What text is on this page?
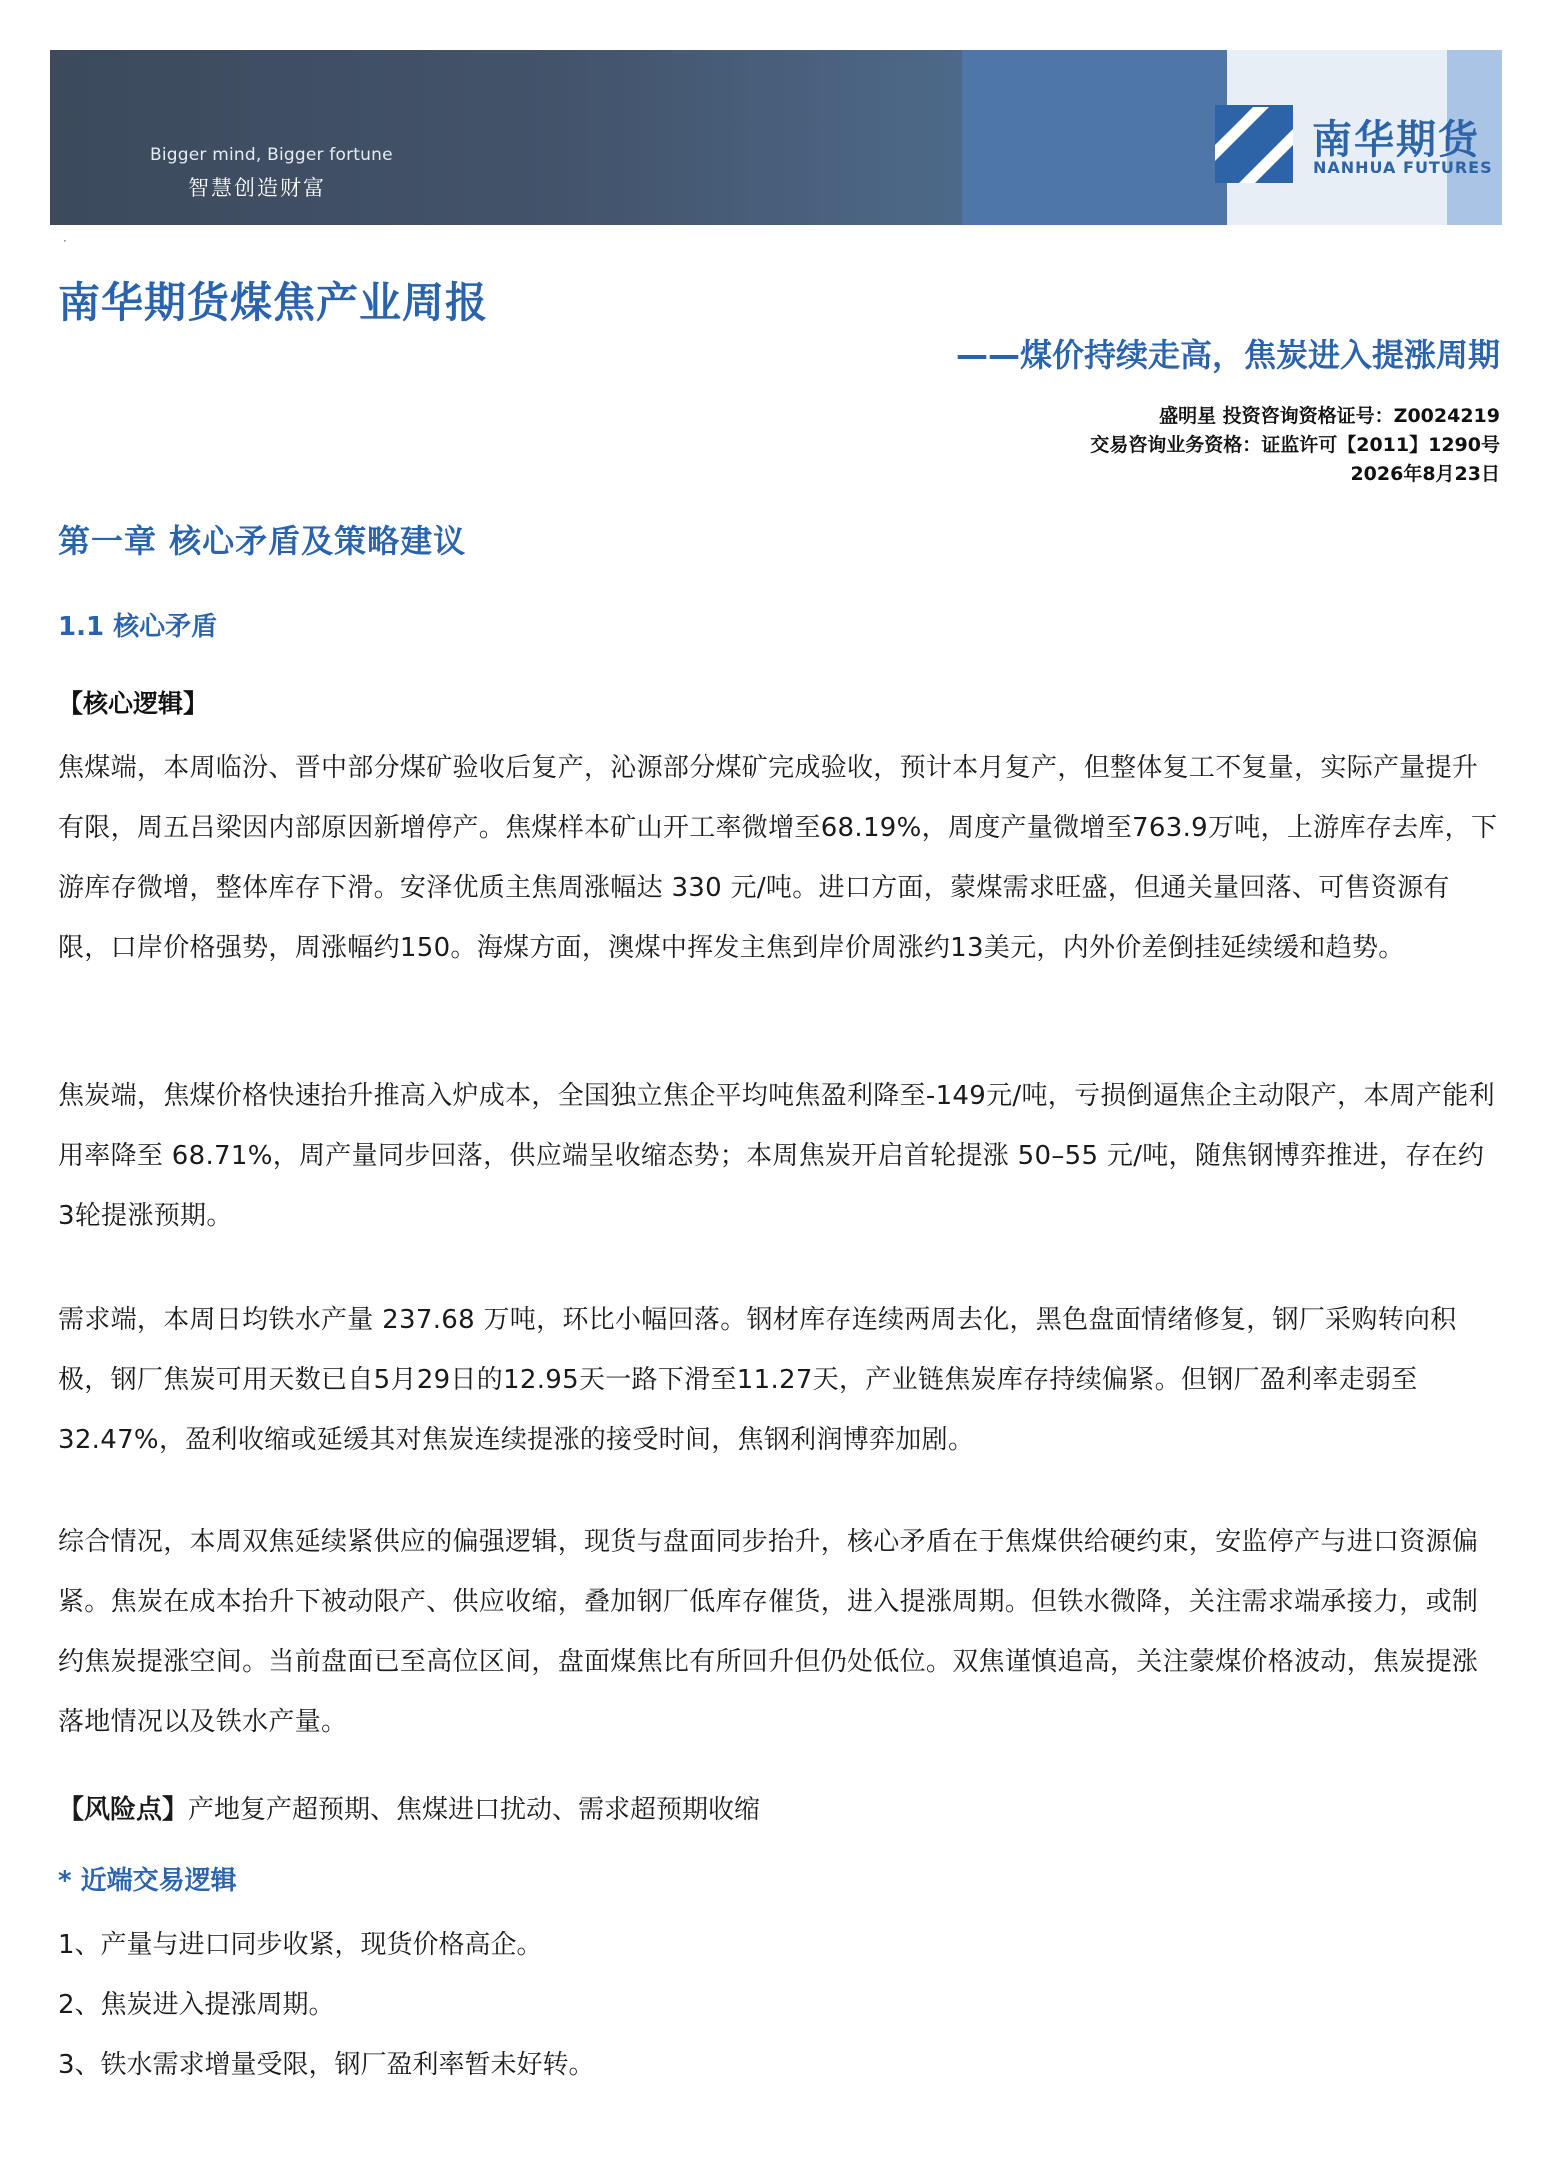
Bigger mind, Bigger fortune
智慧创造财富
南华期货
NANHUA FUTURES
·
南华期货煤焦产业周报
——煤价持续走高，焦炭进入提涨周期
盛明星 投资咨询资格证号：Z0024219
交易咨询业务资格：证监许可【2011】1290号
2026年8月23日
第一章 核心矛盾及策略建议
1.1 核心矛盾
【核心逻辑】
焦煤端，本周临汾、晋中部分煤矿验收后复产，沁源部分煤矿完成验收，预计本月复产，但整体复工不复量，实际产量提升有限，周五吕梁因内部原因新增停产。焦煤样本矿山开工率微增至68.19%，周度产量微增至763.9万吨，上游库存去库，下游库存微增，整体库存下滑。安泽优质主焦周涨幅达 330 元/吨。进口方面，蒙煤需求旺盛，但通关量回落、可售资源有限，口岸价格强势，周涨幅约150。海煤方面，澳煤中挥发主焦到岸价周涨约13美元，内外价差倒挂延续缓和趋势。
焦炭端，焦煤价格快速抬升推高入炉成本，全国独立焦企平均吨焦盈利降至-149元/吨，亏损倒逼焦企主动限产，本周产能利用率降至 68.71%，周产量同步回落，供应端呈收缩态势；本周焦炭开启首轮提涨 50–55 元/吨，随焦钢博弈推进，存在约3轮提涨预期。
需求端，本周日均铁水产量 237.68 万吨，环比小幅回落。钢材库存连续两周去化，黑色盘面情绪修复，钢厂采购转向积极，钢厂焦炭可用天数已自5月29日的12.95天一路下滑至11.27天，产业链焦炭库存持续偏紧。但钢厂盈利率走弱至 32.47%，盈利收缩或延缓其对焦炭连续提涨的接受时间，焦钢利润博弈加剧。
综合情况，本周双焦延续紧供应的偏强逻辑，现货与盘面同步抬升，核心矛盾在于焦煤供给硬约束，安监停产与进口资源偏紧。焦炭在成本抬升下被动限产、供应收缩，叠加钢厂低库存催货，进入提涨周期。但铁水微降，关注需求端承接力，或制约焦炭提涨空间。当前盘面已至高位区间，盘面煤焦比有所回升但仍处低位。双焦谨慎追高，关注蒙煤价格波动，焦炭提涨落地情况以及铁水产量。
【风险点】产地复产超预期、焦煤进口扰动、需求超预期收缩
* 近端交易逻辑
1、产量与进口同步收紧，现货价格高企。
2、焦炭进入提涨周期。
3、铁水需求增量受限，钢厂盈利率暂未好转。
